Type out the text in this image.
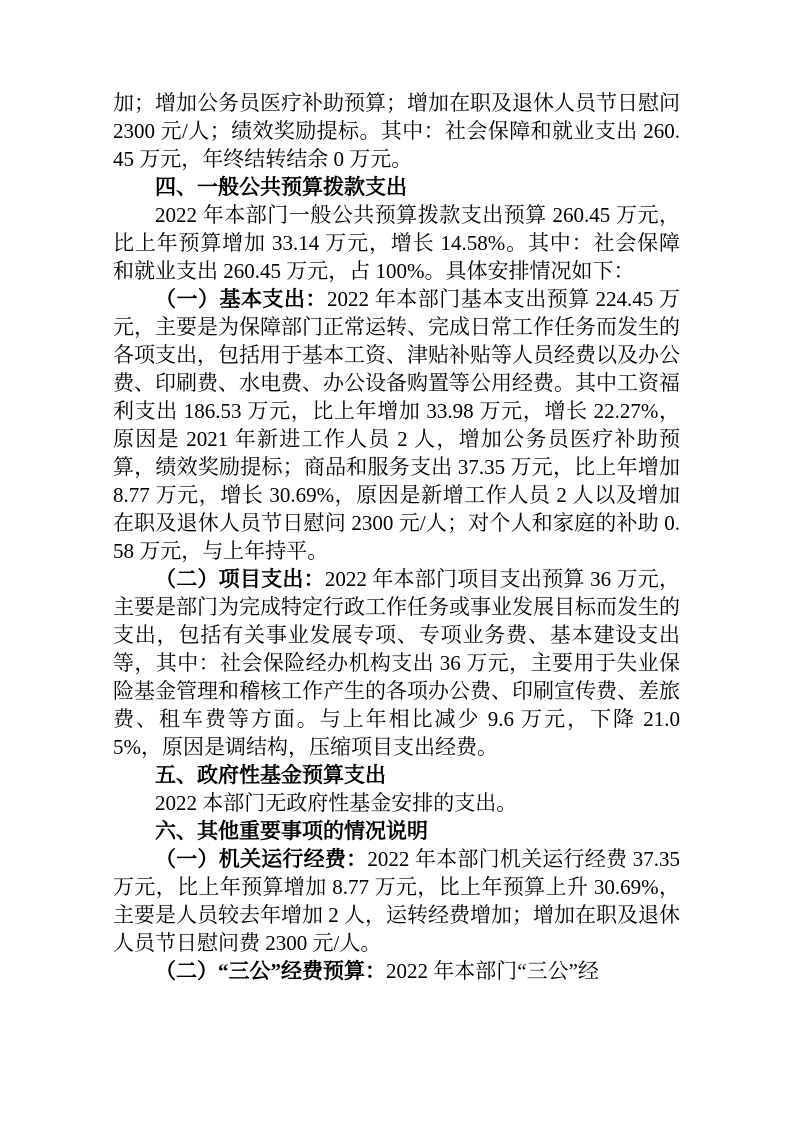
加；增加公务员医疗补助预算；增加在职及退休人员节日慰问 2300 元/人；绩效奖励提标。其中：社会保障和就业支出 260.45 万元，年终结转结余 0 万元。

四、一般公共预算拨款支出

2022 年本部门一般公共预算拨款支出预算 260.45 万元，比上年预算增加 33.14 万元，增长 14.58%。其中：社会保障和就业支出 260.45 万元，占 100%。具体安排情况如下：

（一）基本支出：2022 年本部门基本支出预算 224.45 万元，主要是为保障部门正常运转、完成日常工作任务而发生的各项支出，包括用于基本工资、津贴补贴等人员经费以及办公费、印刷费、水电费、办公设备购置等公用经费。其中工资福利支出 186.53 万元，比上年增加 33.98 万元，增长 22.27%，原因是 2021 年新进工作人员 2 人，增加公务员医疗补助预算，绩效奖励提标；商品和服务支出 37.35 万元，比上年增加 8.77 万元，增长 30.69%，原因是新增工作人员 2 人以及增加在职及退休人员节日慰问 2300 元/人；对个人和家庭的补助 0.58 万元，与上年持平。

（二）项目支出：2022 年本部门项目支出预算 36 万元，主要是部门为完成特定行政工作任务或事业发展目标而发生的支出，包括有关事业发展专项、专项业务费、基本建设支出等，其中：社会保险经办机构支出 36 万元，主要用于失业保险基金管理和稽核工作产生的各项办公费、印刷宣传费、差旅费、租车费等方面。与上年相比减少 9.6 万元，下降 21.05%，原因是调结构，压缩项目支出经费。

五、政府性基金预算支出

2022 本部门无政府性基金安排的支出。

六、其他重要事项的情况说明

（一）机关运行经费：2022 年本部门机关运行经费 37.35 万元，比上年预算增加 8.77 万元，比上年预算上升 30.69%，主要是人员较去年增加 2 人，运转经费增加；增加在职及退休人员节日慰问费 2300 元/人。

（二）“三公”经费预算：2022 年本部门“三公”经
